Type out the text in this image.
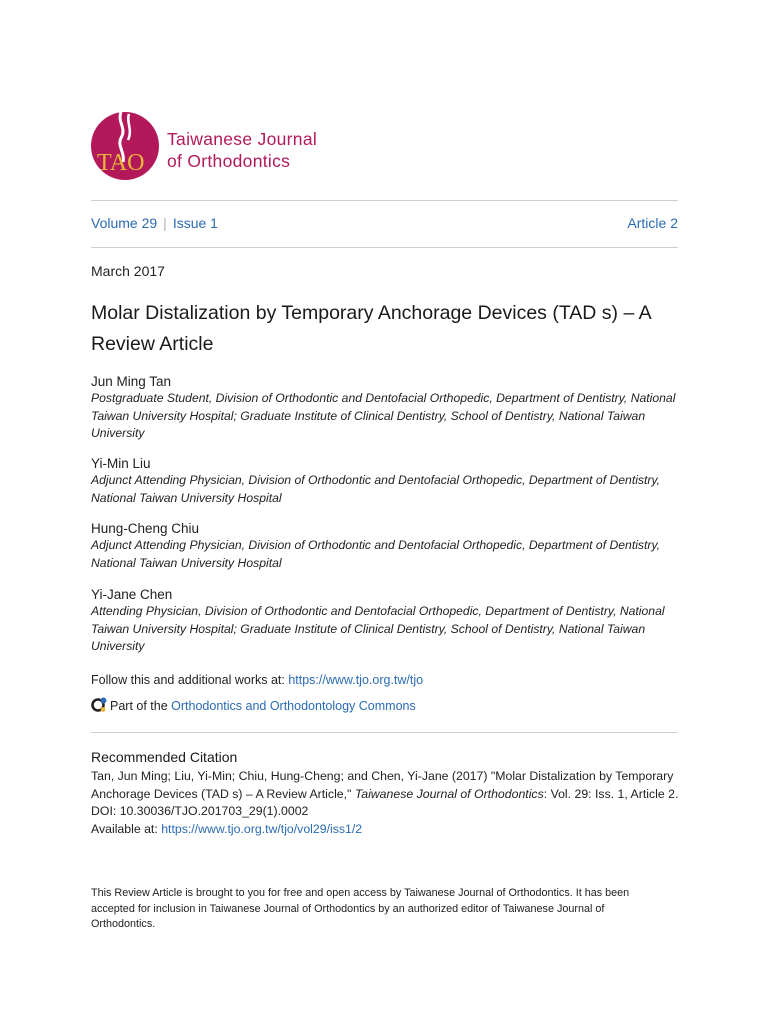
TAO
Taiwanese Journal
of Orthodontics
Volume 29 | Issue 1	Article 2
March 2017
Molar Distalization by Temporary Anchorage Devices (TAD s) – A Review Article
Jun Ming Tan
Postgraduate Student, Division of Orthodontic and Dentofacial Orthopedic, Department of Dentistry, National Taiwan University Hospital; Graduate Institute of Clinical Dentistry, School of Dentistry, National Taiwan University
Yi-Min Liu
Adjunct Attending Physician, Division of Orthodontic and Dentofacial Orthopedic, Department of Dentistry, National Taiwan University Hospital
Hung-Cheng Chiu
Adjunct Attending Physician, Division of Orthodontic and Dentofacial Orthopedic, Department of Dentistry, National Taiwan University Hospital
Yi-Jane Chen
Attending Physician, Division of Orthodontic and Dentofacial Orthopedic, Department of Dentistry, National Taiwan University Hospital; Graduate Institute of Clinical Dentistry, School of Dentistry, National Taiwan University
Follow this and additional works at: https://www.tjo.org.tw/tjo
Part of the Orthodontics and Orthodontology Commons
Recommended Citation
Tan, Jun Ming; Liu, Yi-Min; Chiu, Hung-Cheng; and Chen, Yi-Jane (2017) "Molar Distalization by Temporary Anchorage Devices (TAD s) – A Review Article," Taiwanese Journal of Orthodontics: Vol. 29: Iss. 1, Article 2.
DOI: 10.30036/TJO.201703_29(1).0002
Available at: https://www.tjo.org.tw/tjo/vol29/iss1/2
This Review Article is brought to you for free and open access by Taiwanese Journal of Orthodontics. It has been accepted for inclusion in Taiwanese Journal of Orthodontics by an authorized editor of Taiwanese Journal of Orthodontics.
